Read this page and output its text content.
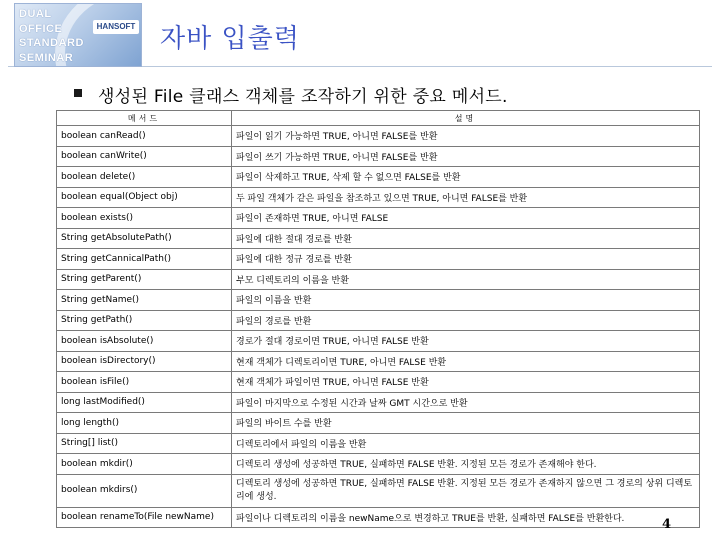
DUAL
OFFICE
STANDARD
SEMINAR
HANSOFT 자바 입출력
생성된 File 클래스 객체를 조작하기 위한 중요 메서드.
메서드	설명
boolean canRead()	파일이 읽기 가능하면 TRUE, 아니면 FALSE를 반환
boolean canWrite()	파일이 쓰기 가능하면 TRUE, 아니면 FALSE를 반환
boolean delete()	파일이 삭제하고 TRUE, 삭제 할 수 없으면 FALSE를 반환
boolean equal(Object obj)	두 파일 객체가 같은 파일을 참조하고 있으면 TRUE, 아니면 FALSE를 반환
boolean exists()	파일이 존재하면 TRUE, 아니면 FALSE
String getAbsolutePath()	파일에 대한 절대 경로를 반환
String getCannicalPath()	파일에 대한 정규 경로를 반환
String getParent()	부모 디렉토리의 이름을 반환
String getName()	파일의 이름을 반환
String getPath()	파일의 경로를 반환
boolean isAbsolute()	경로가 절대 경로이면 TRUE, 아니면 FALSE 반환
boolean isDirectory()	현재 객체가 디렉토리이면 TURE, 아니면 FALSE 반환
boolean isFile()	현재 객체가 파일이면 TRUE, 아니면 FALSE 반환
long lastModified()	파일이 마지막으로 수정된 시간과 날짜 GMT 시간으로 반환
long length()	파일의 바이트 수를 반환
String[] list()	디렉토리에서 파일의 이름을 반환
boolean mkdir()	디렉토리 생성에 성공하면 TRUE, 실패하면 FALSE 반환. 지정된 모든 경로가 존재해야 한다.
boolean mkdirs()	디렉토리 생성에 성공하면 TRUE, 실패하면 FALSE 반환. 지정된 모든 경로가 존재하지 않으면 그 경로의 상위 디렉토리에 생성.
boolean renameTo(File newName)	파일이나 디렉토리의 이름을 newName으로 변경하고 TRUE를 반환, 실패하면 FALSE를 반환한다.	4
